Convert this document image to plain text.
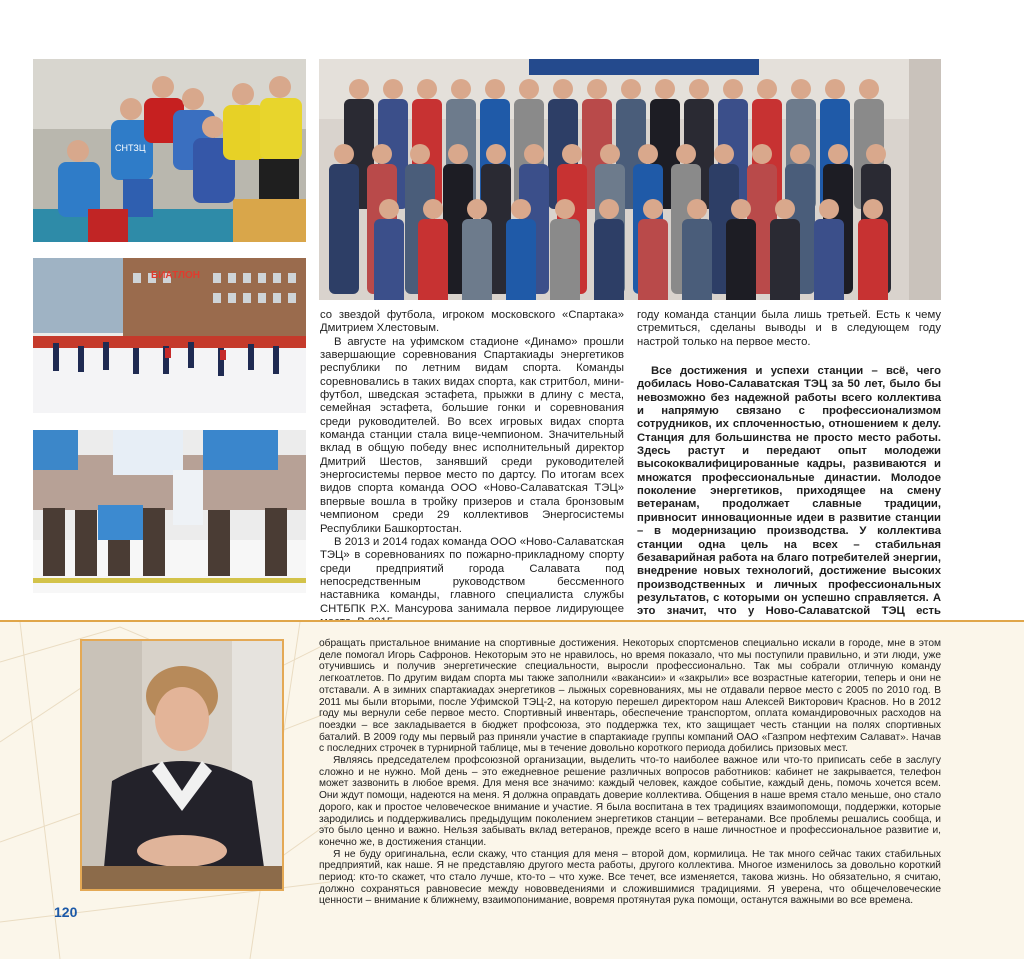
СНТЗЦ
БИАТЛОН

со звездой футбола, игроком московского «Спартака» Дмитрием Хлестовым.

В августе на уфимском стадионе «Динамо» прошли завершающие соревнования Спартакиады энергетиков республики по летним видам спорта. Команды соревновались в таких видах спорта, как стритбол, мини-футбол, шведская эстафета, прыжки в длину с места, семейная эстафета, большие гонки и соревнования среди руководителей. Во всех игровых видах спорта команда станции стала вице-чемпионом. Значительный вклад в общую победу внес исполнительный директор Дмитрий Шестов, занявший среди руководителей энергосистемы первое место по дартсу. По итогам всех видов спорта команда ООО «Ново-Салаватская ТЭЦ» впервые вошла в тройку призеров и стала бронзовым чемпионом среди 29 коллективов Энергосистемы Республики Башкортостан.

В 2013 и 2014 годах команда ООО «Ново-Салаватская ТЭЦ» в соревнованиях по пожарно-прикладному спорту среди предприятий города Салавата под непосредственным руководством бессменного наставника команды, главного специалиста службы СНТБПК Р.Х. Мансурова занимала первое лидирующее

году команда станции была лишь третьей. Есть к чему стремиться, сделаны выводы и в следующем году настрой только на первое место.

Все достижения и успехи станции – всё, чего добилась Ново-Салаватская ТЭЦ за 50 лет, было бы невозможно без надежной работы всего коллектива и напрямую связано с профессионализмом сотрудников, их сплоченностью, отношением к делу. Станция для большинства не просто место работы. Здесь растут и передают опыт молодежи высококвалифицированные кадры, развиваются и множатся профессиональные династии. Молодое поколение энергетиков, приходящее на смену ветеранам, продолжает славные традиции, привносит инновационные идеи в развитие станции – в модернизацию производства. У коллектива станции одна цель на всех – стабильная безаварийная работа на благо потребителей энергии, внедрение новых технологий, достижение высоких производственных и личных профессиональных результатов, с которыми он успешно справляется. А это значит, что у Ново-Салаватской ТЭЦ есть

обращать пристальное внимание на спортивные достижения. Некоторых спортсменов специально искали в городе, мне в этом деле помогал Игорь Сафронов. Некоторым это не нравилось, но время показало, что мы поступили правильно, и эти люди, уже отучившись и получив энергетические специальности, выросли профессионально. Так мы собрали отличную команду легкоатлетов. По другим видам спорта мы также заполнили «вакансии» и «закрыли» все возрастные категории, теперь и они не отставали. А в зимних спартакиадах энергетиков – лыжных соревнованиях, мы не отдавали первое место с 2005 по 2010 год. В 2011 мы были вторыми, после Уфимской ТЭЦ-2, на которую перешел директором наш Алексей Викторович Краснов. Но в 2012 году мы вернули себе первое место. Спортивный инвентарь, обеспечение транспортом, оплата командировочных расходов на поездки – все закладывается в бюджет профсоюза, это поддержка тех, кто защищает честь станции на полях спортивных баталий. В 2009 году мы первый раз приняли участие в спартакиаде группы компаний ОАО «Газпром нефтехим Салават». Начав с последних строчек в турнирной таблице, мы в течение довольно короткого периода добились призовых мест.

Являясь председателем профсоюзной организации, выделить что-то наиболее важное или что-то приписать себе в заслугу сложно и не нужно. Мой день – это ежедневное решение различных вопросов работников: кабинет не закрывается, телефон может зазвонить в любое время. Для меня все значимо: каждый человек, каждое событие, каждый день, помочь хочется всем. Они ждут помощи, надеются на меня. Я должна оправдать доверие коллектива. Общения в наше время стало меньше, оно стало дорого, как и простое человеческое внимание и участие. Я была воспитана в тех традициях взаимопомощи, поддержки, которые зародились и поддерживались предыдущим поколением энергетиков станции – ветеранами. Все проблемы решались сообща, и это было ценно и важно. Нельзя забывать вклад ветеранов, прежде всего в наше личностное и профессиональное развитие и, конечно же, в достижения станции.

Я не буду оригинальна, если скажу, что станция для меня – второй дом, кормилица. Не так много сейчас таких стабильных предприятий, как наше. Я не представляю другого места работы, другого коллектива. Многое изменилось за довольно короткий период: кто-то скажет, что стало лучше, кто-то – что хуже. Все течет, все изменяется, такова жизнь. Но обязательно, я считаю, должно сохраняться равновесие между нововведениями и сложившимися традициями. Я уверена, что общечеловеческие ценности – внимание к ближнему, взаимопонимание, вовремя протянутая рука помощи, останутся важными во все времена.

120
